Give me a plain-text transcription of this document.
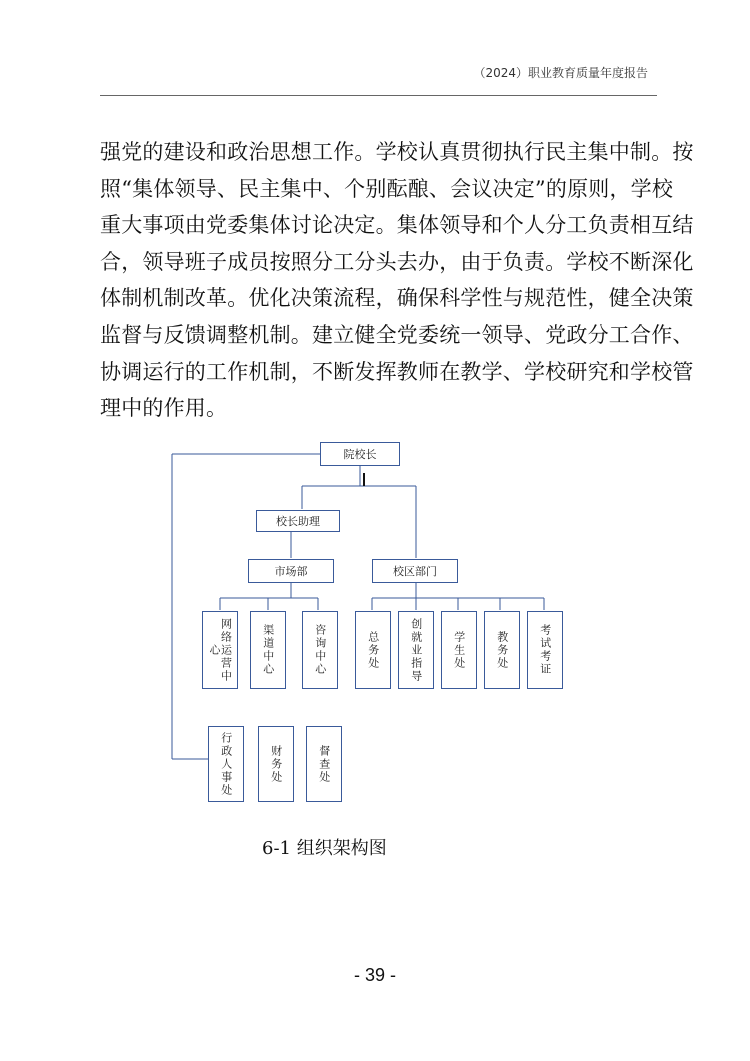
（2024）职业教育质量年度报告
强党的建设和政治思想工作。学校认真贯彻执行民主集中制。按
照“集体领导、民主集中、个别酝酿、会议决定”的原则，学校
重大事项由党委集体讨论决定。集体领导和个人分工负责相互结
合，领导班子成员按照分工分头去办，由于负责。学校不断深化
体制机制改革。优化决策流程，确保科学性与规范性，健全决策
监督与反馈调整机制。建立健全党委统一领导、党政分工合作、
协调运行的工作机制，不断发挥教师在教学、学校研究和学校管
理中的作用。
院校长
校长助理
市场部	校区部门
网络运营中心	渠道中心	咨询中心	总务处	创就业指导	学生处	教务处	考试考证
行政人事处	财务处	督查处
6-1 组织架构图
- 39 -
